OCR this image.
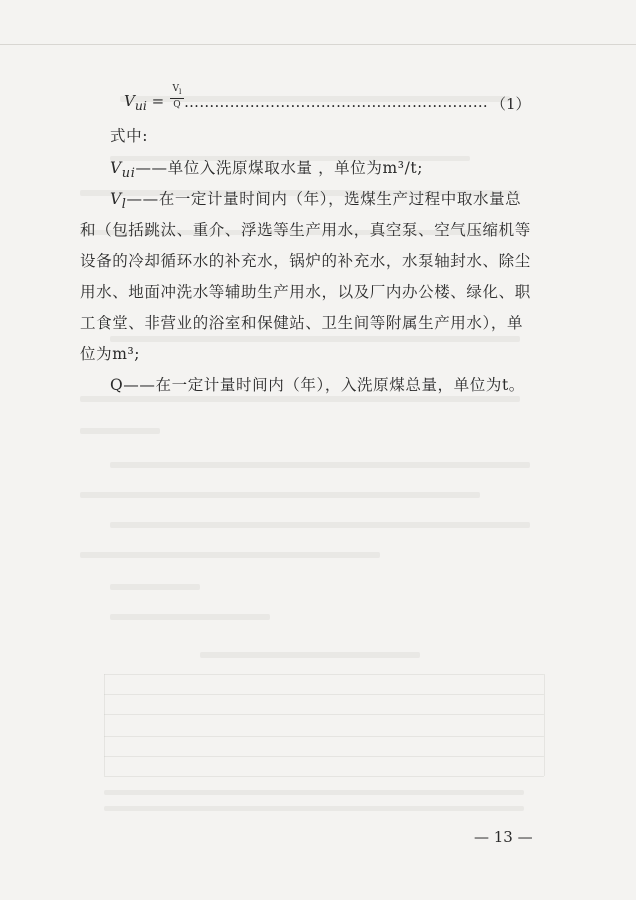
$V_{ui}$ =
$V_l$
Q …………………………………………………… （1）
式中:
$V_{ui}——$单位入洗原煤取水量 ，单位为m³/t;
$V_l——$在一定计量时间内（年），选煤生产过程中取水量总
和（包括跳汰、重介、浮选等生产用水，真空泵、空气压缩机等
设备的冷却循环水的补充水，锅炉的补充水，水泵轴封水、除尘
用水、地面冲洗水等辅助生产用水，以及厂内办公楼、绿化、职
工食堂、非营业的浴室和保健站、卫生间等附属生产用水），单
位为m³;
Q——在一定计量时间内（年），入洗原煤总量，单位为t。
— 13 —
